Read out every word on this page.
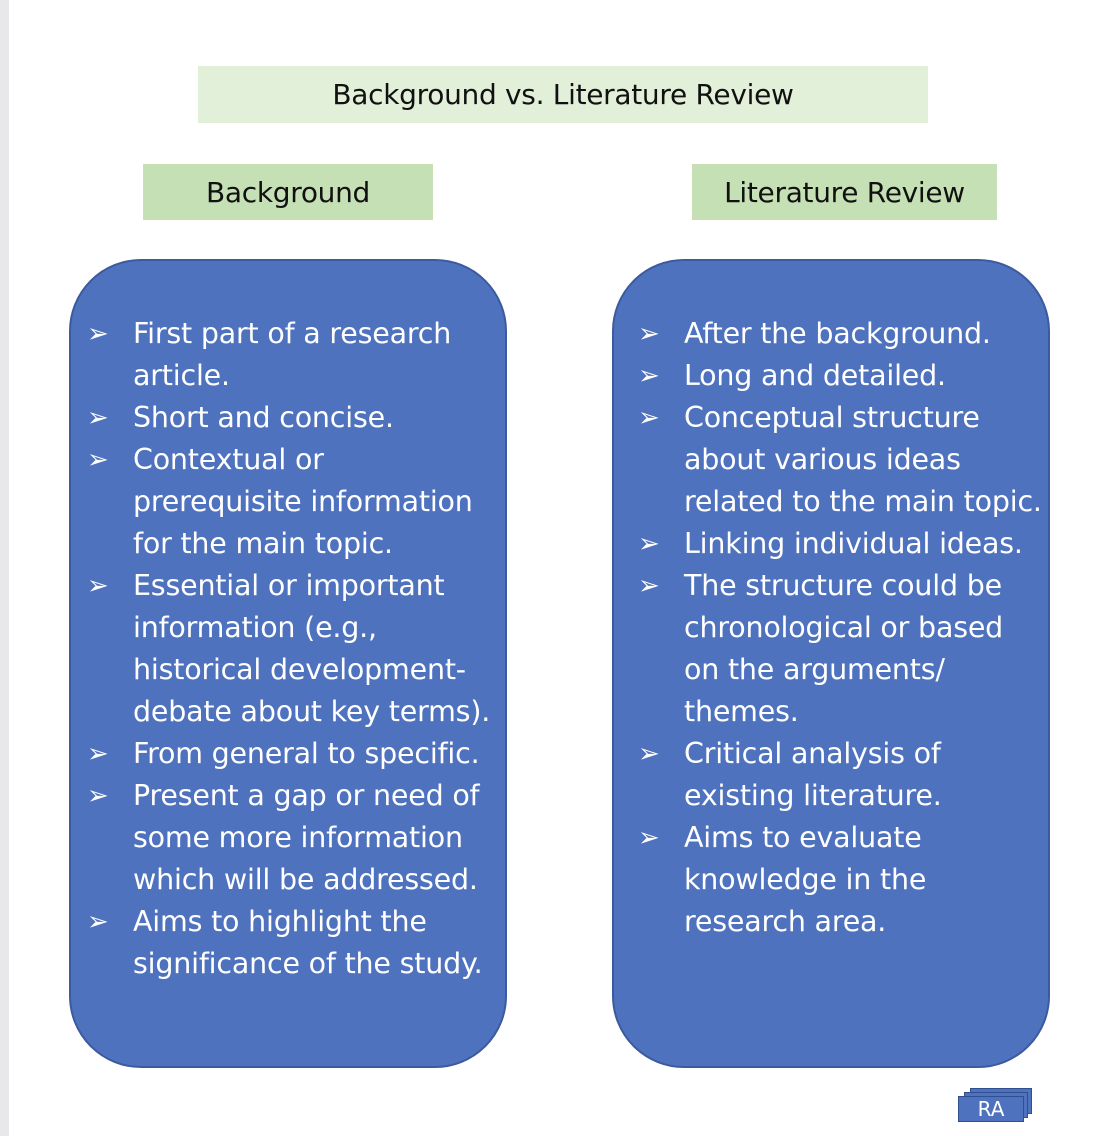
Background vs. Literature Review
Background	Literature Review
➢ First part of a research
article.
➢ Short and concise.
➢ Contextual or
prerequisite information
for the main topic.
➢ Essential or important
information (e.g.,
historical development-
debate about key terms).
➢ From general to specific.
➢ Present a gap or need of
some more information
which will be addressed.
➢ Aims to highlight the
significance of the study.
➢ After the background.
➢ Long and detailed.
➢ Conceptual structure
about various ideas
related to the main topic.
➢ Linking individual ideas.
➢ The structure could be
chronological or based
on the arguments/
themes.
➢ Critical analysis of
existing literature.
➢ Aims to evaluate
knowledge in the
research area.
RA
